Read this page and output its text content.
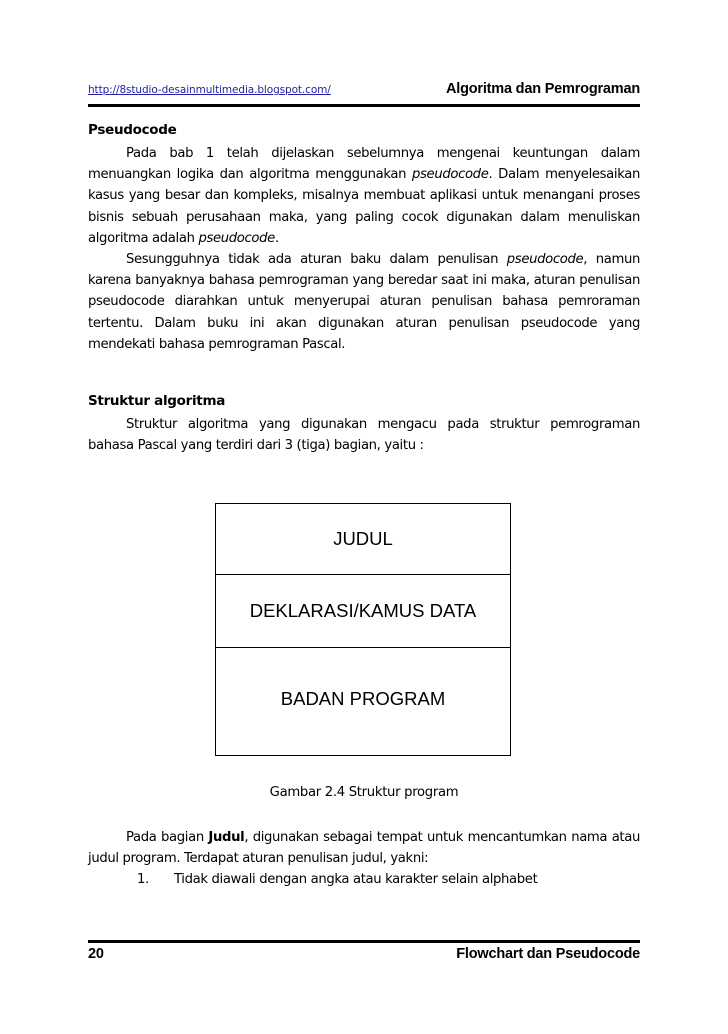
http://8studio-desainmultimedia.blogspot.com/	Algoritma dan Pemrograman
Pseudocode

Pada bab 1 telah dijelaskan sebelumnya mengenai keuntungan dalam menuangkan logika dan algoritma menggunakan pseudocode. Dalam menyelesaikan kasus yang besar dan kompleks, misalnya membuat aplikasi untuk menangani proses bisnis sebuah perusahaan maka, yang paling cocok digunakan dalam menuliskan algoritma adalah pseudocode.

Sesungguhnya tidak ada aturan baku dalam penulisan pseudocode, namun karena banyaknya bahasa pemrograman yang beredar saat ini maka, aturan penulisan pseudocode diarahkan untuk menyerupai aturan penulisan bahasa pemroraman tertentu. Dalam buku ini akan digunakan aturan penulisan pseudocode yang mendekati bahasa pemrograman Pascal.

Struktur algoritma

Struktur algoritma yang digunakan mengacu pada struktur pemrograman bahasa Pascal yang terdiri dari 3 (tiga) bagian, yaitu :

JUDUL
DEKLARASI/KAMUS DATA
BADAN PROGRAM
Gambar 2.4 Struktur program

Pada bagian Judul, digunakan sebagai tempat untuk mencantumkan nama atau judul program. Terdapat aturan penulisan judul, yakni:

1.	Tidak diawali dengan angka atau karakter selain alphabet
20	Flowchart dan Pseudocode
